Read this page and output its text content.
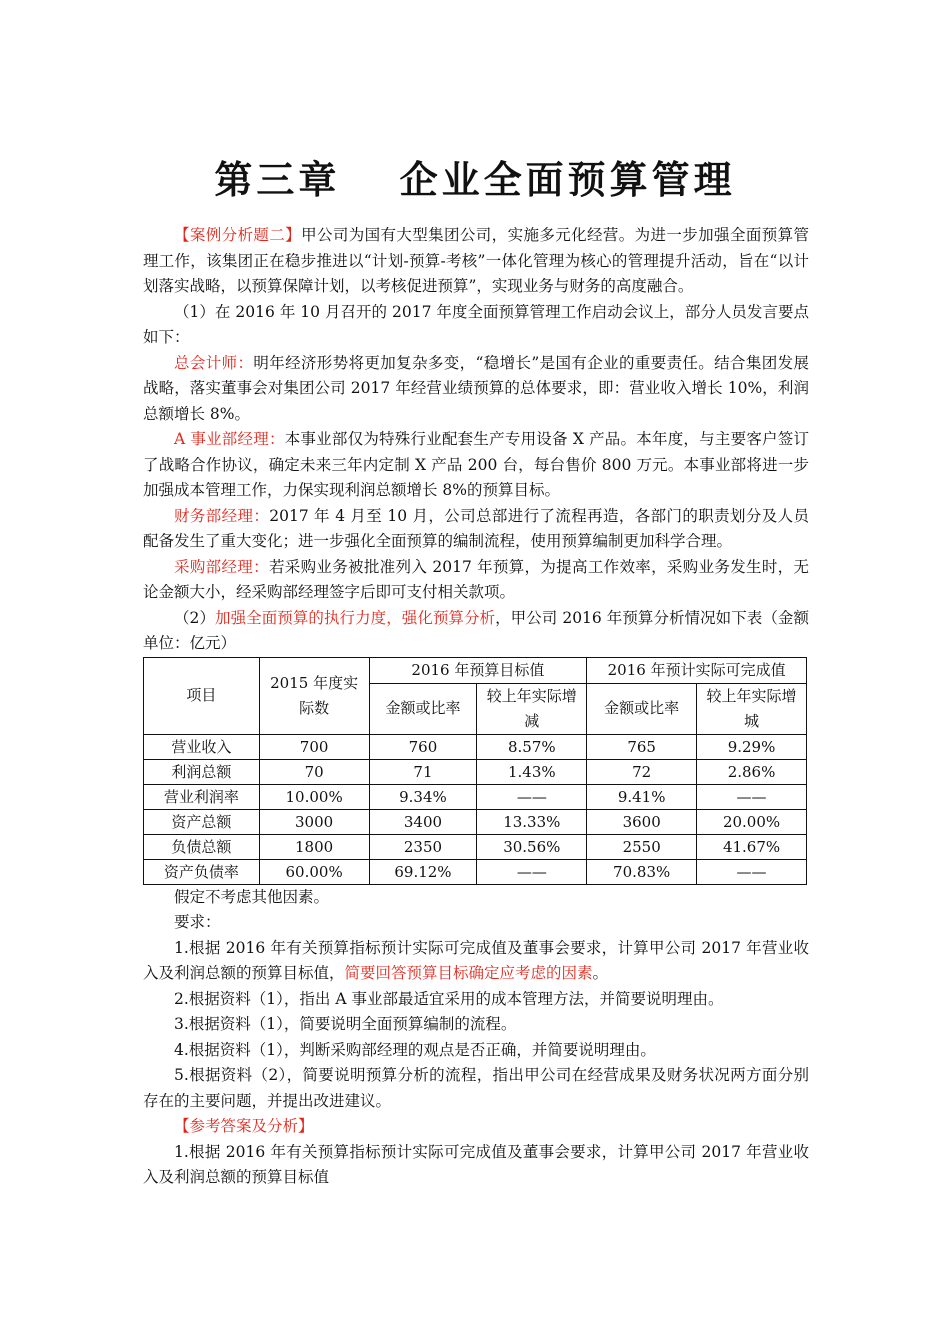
第三章　 企业全面预算管理

【案例分析题二】甲公司为国有大型集团公司，实施多元化经营。为进一步加强全面预算管理工作，该集团正在稳步推进以“计划-预算-考核”一体化管理为核心的管理提升活动，旨在“以计划落实战略，以预算保障计划，以考核促进预算”，实现业务与财务的高度融合。

（1）在 2016 年 10 月召开的 2017 年度全面预算管理工作启动会议上，部分人员发言要点如下：

总会计师：明年经济形势将更加复杂多变，“稳增长”是国有企业的重要责任。结合集团发展战略，落实董事会对集团公司 2017 年经营业绩预算的总体要求，即：营业收入增长 10%，利润总额增长 8%。

A 事业部经理：本事业部仅为特殊行业配套生产专用设备 X 产品。本年度，与主要客户签订了战略合作协议，确定未来三年内定制 X 产品 200 台，每台售价 800 万元。本事业部将进一步加强成本管理工作，力保实现利润总额增长 8%的预算目标。

财务部经理：2017 年 4 月至 10 月，公司总部进行了流程再造，各部门的职责划分及人员配备发生了重大变化；进一步强化全面预算的编制流程，使用预算编制更加科学合理。

采购部经理：若采购业务被批准列入 2017 年预算，为提高工作效率，采购业务发生时，无论金额大小，经采购部经理签字后即可支付相关款项。

（2）加强全面预算的执行力度，强化预算分析，甲公司 2016 年预算分析情况如下表（金额单位：亿元）

项目	2015 年度实际数	2016 年预算目标值		2016 年预计实际可完成值	
		金额或比率	较上年实际增减	金额或比率	较上年实际增城
营业收入	700	760	8.57%	765	9.29%
利润总额	70	71	1.43%	72	2.86%
营业利润率	10.00%	9.34%	——	9.41%	——
资产总额	3000	3400	13.33%	3600	20.00%
负债总额	1800	2350	30.56%	2550	41.67%
资产负债率	60.00%	69.12%	——	70.83%	——

假定不考虑其他因素。

要求：

1.根据 2016 年有关预算指标预计实际可完成值及董事会要求，计算甲公司 2017 年营业收入及利润总额的预算目标值，简要回答预算目标确定应考虑的因素。

2.根据资料（1），指出 A 事业部最适宜采用的成本管理方法，并简要说明理由。

3.根据资料（1），简要说明全面预算编制的流程。

4.根据资料（1），判断采购部经理的观点是否正确，并简要说明理由。

5.根据资料（2），简要说明预算分析的流程，指出甲公司在经营成果及财务状况两方面分别存在的主要问题，并提出改进建议。

【参考答案及分析】

1.根据 2016 年有关预算指标预计实际可完成值及董事会要求，计算甲公司 2017 年营业收入及利润总额的预算目标值
